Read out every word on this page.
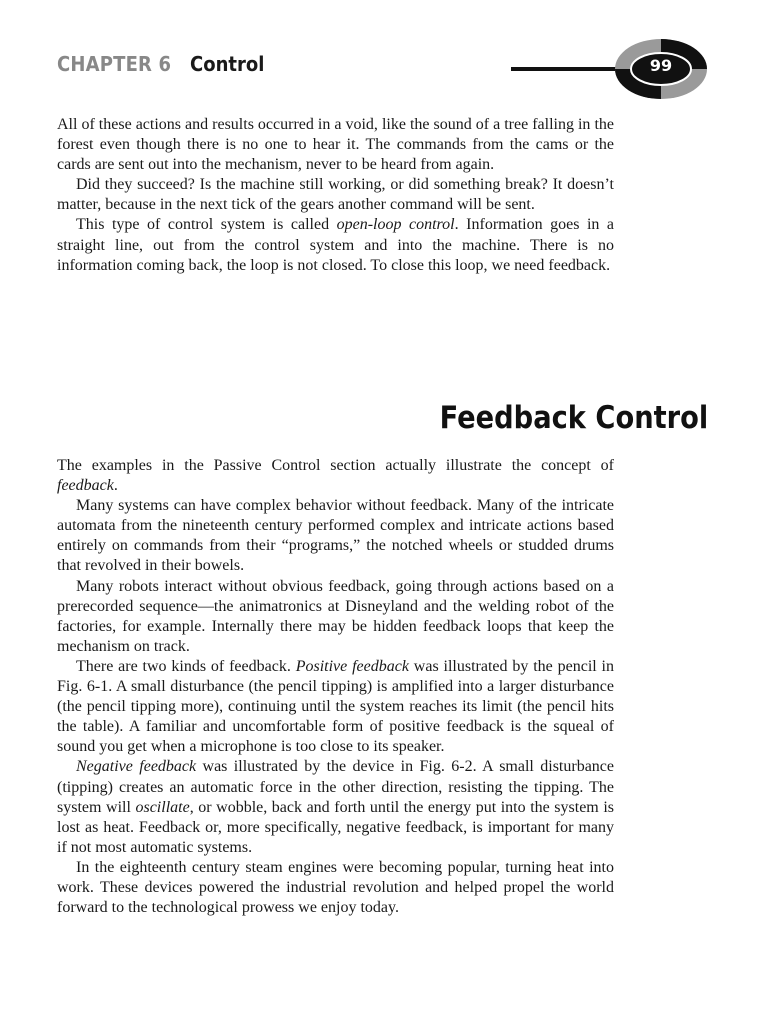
CHAPTER 6 Control	99

All of these actions and results occurred in a void, like the sound of a tree falling in the forest even though there is no one to hear it. The commands from the cams or the cards are sent out into the mechanism, never to be heard from again.

Did they succeed? Is the machine still working, or did something break? It doesn’t matter, because in the next tick of the gears another command will be sent.

This type of control system is called open-loop control. Information goes in a straight line, out from the control system and into the machine. There is no information coming back, the loop is not closed. To close this loop, we need feedback.

Feedback Control

The examples in the Passive Control section actually illustrate the concept of feedback.

Many systems can have complex behavior without feedback. Many of the intricate automata from the nineteenth century performed complex and intricate actions based entirely on commands from their “programs,” the notched wheels or studded drums that revolved in their bowels.

Many robots interact without obvious feedback, going through actions based on a prerecorded sequence—the animatronics at Disneyland and the welding robot of the factories, for example. Internally there may be hidden feedback loops that keep the mechanism on track.

There are two kinds of feedback. Positive feedback was illustrated by the pencil in Fig. 6-1. A small disturbance (the pencil tipping) is amplified into a larger disturbance (the pencil tipping more), continuing until the system reaches its limit (the pencil hits the table). A familiar and uncomfortable form of positive feedback is the squeal of sound you get when a microphone is too close to its speaker.

Negative feedback was illustrated by the device in Fig. 6-2. A small disturbance (tipping) creates an automatic force in the other direction, resisting the tipping. The system will oscillate, or wobble, back and forth until the energy put into the system is lost as heat. Feedback or, more specifically, negative feedback, is important for many if not most automatic systems.

In the eighteenth century steam engines were becoming popular, turning heat into work. These devices powered the industrial revolution and helped propel the world forward to the technological prowess we enjoy today.
